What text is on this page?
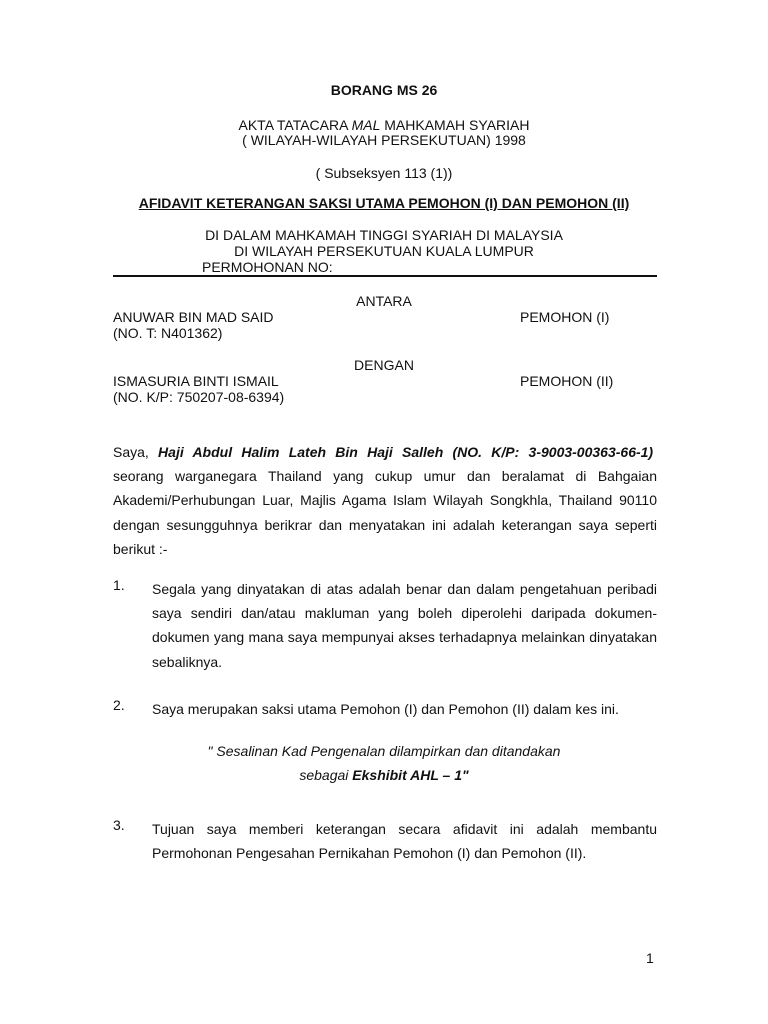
BORANG MS 26
AKTA TATACARA MAL MAHKAMAH SYARIAH
( WILAYAH-WILAYAH PERSEKUTUAN) 1998
( Subseksyen 113 (1))
AFIDAVIT KETERANGAN SAKSI UTAMA PEMOHON (I) DAN PEMOHON (II)
DI DALAM MAHKAMAH TINGGI SYARIAH DI MALAYSIA
DI WILAYAH PERSEKUTUAN KUALA LUMPUR
PERMOHONAN NO:
ANTARA
ANUWAR BIN MAD SAID
(NO. T: N401362)
PEMOHON (I)
DENGAN
ISMASURIA BINTI ISMAIL
(NO. K/P: 750207-08-6394)
PEMOHON (II)
Saya, Haji Abdul Halim Lateh Bin Haji Salleh (NO. K/P: 3-9003-00363-66-1)  seorang warganegara Thailand yang cukup umur dan beralamat di Bahgaian Akademi/Perhubungan Luar, Majlis Agama Islam Wilayah Songkhla, Thailand 90110 dengan sesungguhnya berikrar dan menyatakan ini adalah keterangan saya seperti berikut :-
1. Segala yang dinyatakan di atas adalah benar dan dalam pengetahuan peribadi saya sendiri dan/atau makluman yang boleh diperolehi daripada dokumen-dokumen yang mana saya mempunyai akses terhadapnya melainkan dinyatakan sebaliknya.
2. Saya merupakan saksi utama Pemohon (I) dan Pemohon (II) dalam kes ini.
" Sesalinan Kad Pengenalan dilampirkan dan ditandakan
sebagai Ekshibit AHL – 1"
3. Tujuan saya memberi keterangan secara afidavit ini adalah membantu Permohonan Pengesahan Pernikahan Pemohon (I) dan Pemohon (II).
1
